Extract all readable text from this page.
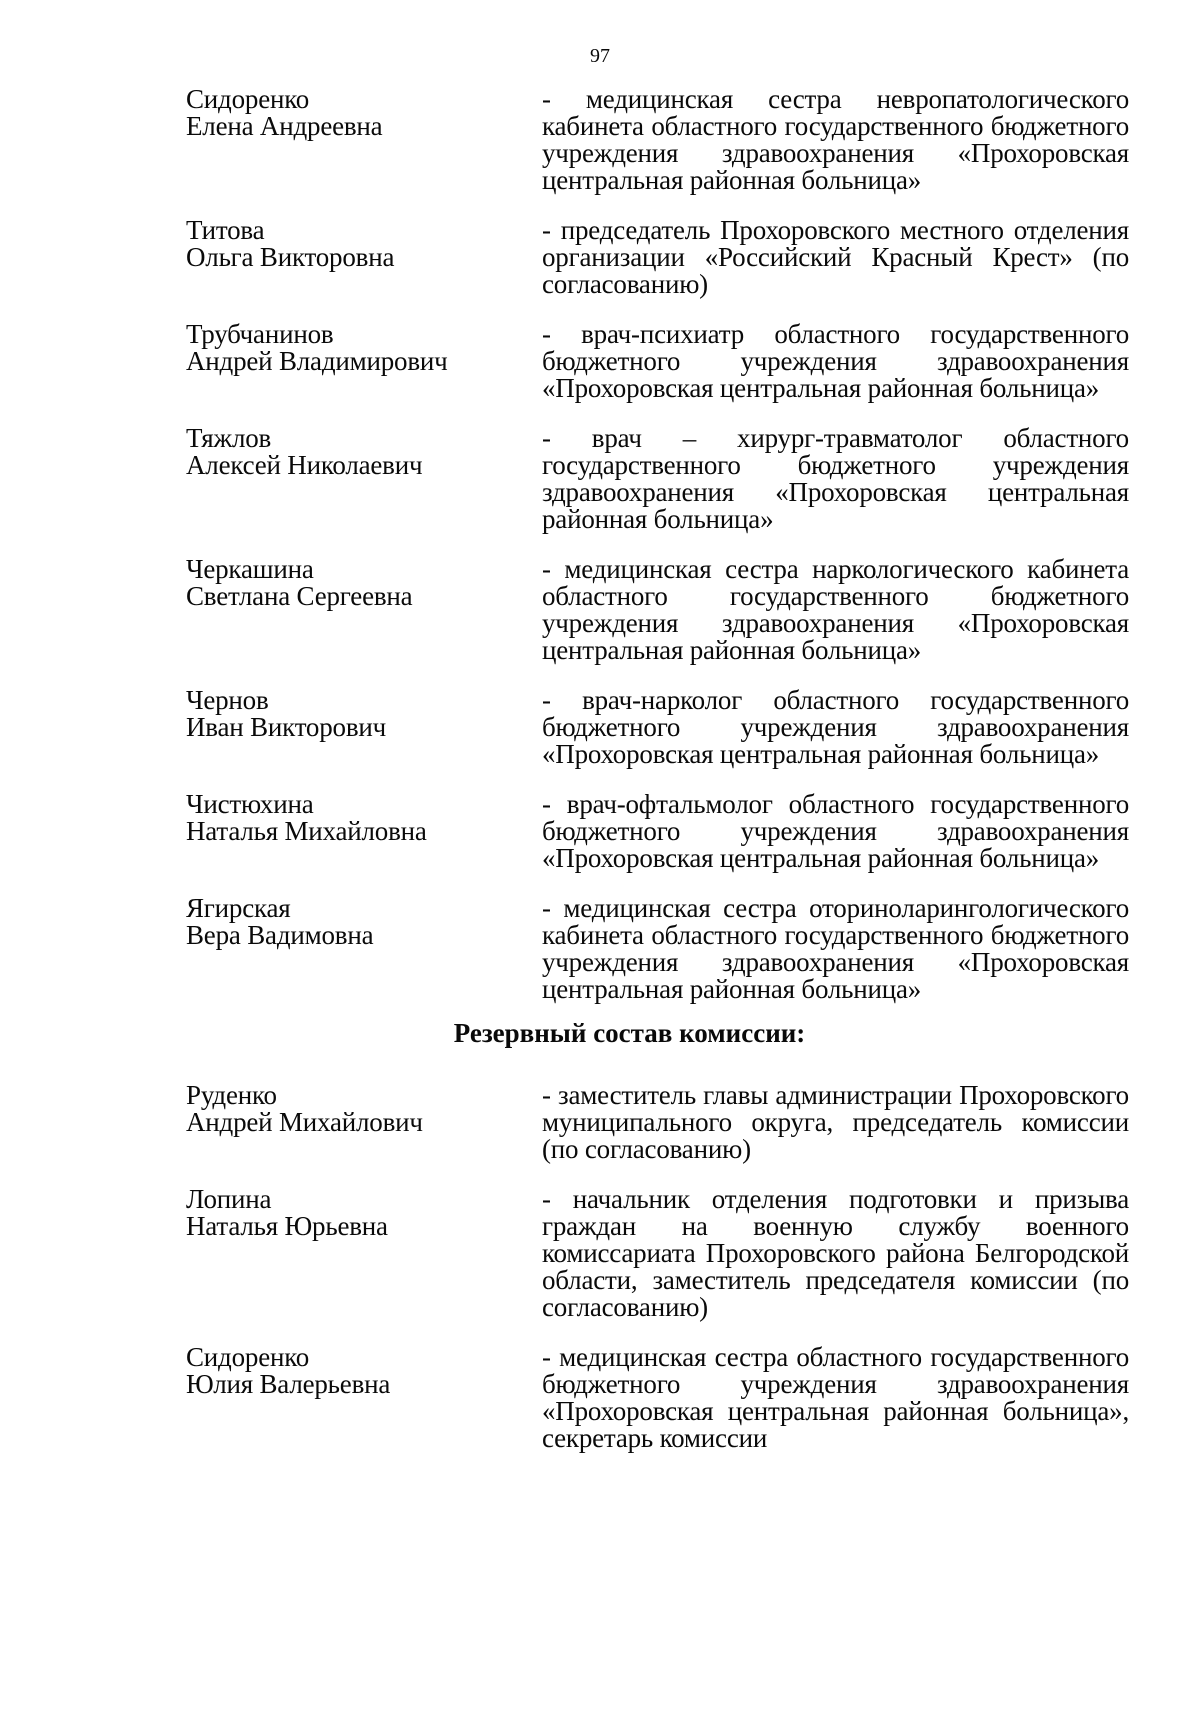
97
Сидоренко
Елена Андреевна
- медицинская сестра невропатологического кабинета областного государственного бюджетного учреждения здравоохранения «Прохоровская центральная районная больница»
Титова
Ольга Викторовна
- председатель Прохоровского местного отделения организации «Российский Красный Крест» (по согласованию)
Трубчанинов
Андрей Владимирович
- врач-психиатр областного государственного бюджетного учреждения здравоохранения «Прохоровская центральная районная больница»
Тяжлов
Алексей Николаевич
- врач – хирург-травматолог областного государственного бюджетного учреждения здравоохранения «Прохоровская центральная районная больница»
Черкашина
Светлана Сергеевна
- медицинская сестра наркологического кабинета областного государственного бюджетного учреждения здравоохранения «Прохоровская центральная районная больница»
Чернов
Иван Викторович
- врач-нарколог областного государственного бюджетного учреждения здравоохранения «Прохоровская центральная районная больница»
Чистюхина
Наталья Михайловна
- врач-офтальмолог областного государственного бюджетного учреждения здравоохранения «Прохоровская центральная районная больница»
Ягирская
Вера Вадимовна
- медицинская сестра оториноларингологического кабинета областного государственного бюджетного учреждения здравоохранения «Прохоровская центральная районная больница»
Резервный состав комиссии:
Руденко
Андрей Михайлович
- заместитель главы администрации Прохоровского муниципального округа, председатель комиссии (по согласованию)
Лопина
Наталья Юрьевна
- начальник отделения подготовки и призыва граждан на военную службу военного комиссариата Прохоровского района Белгородской области, заместитель председателя комиссии (по согласованию)
Сидоренко
Юлия Валерьевна
- медицинская сестра областного государственного бюджетного учреждения здравоохранения «Прохоровская центральная районная больница», секретарь комиссии
